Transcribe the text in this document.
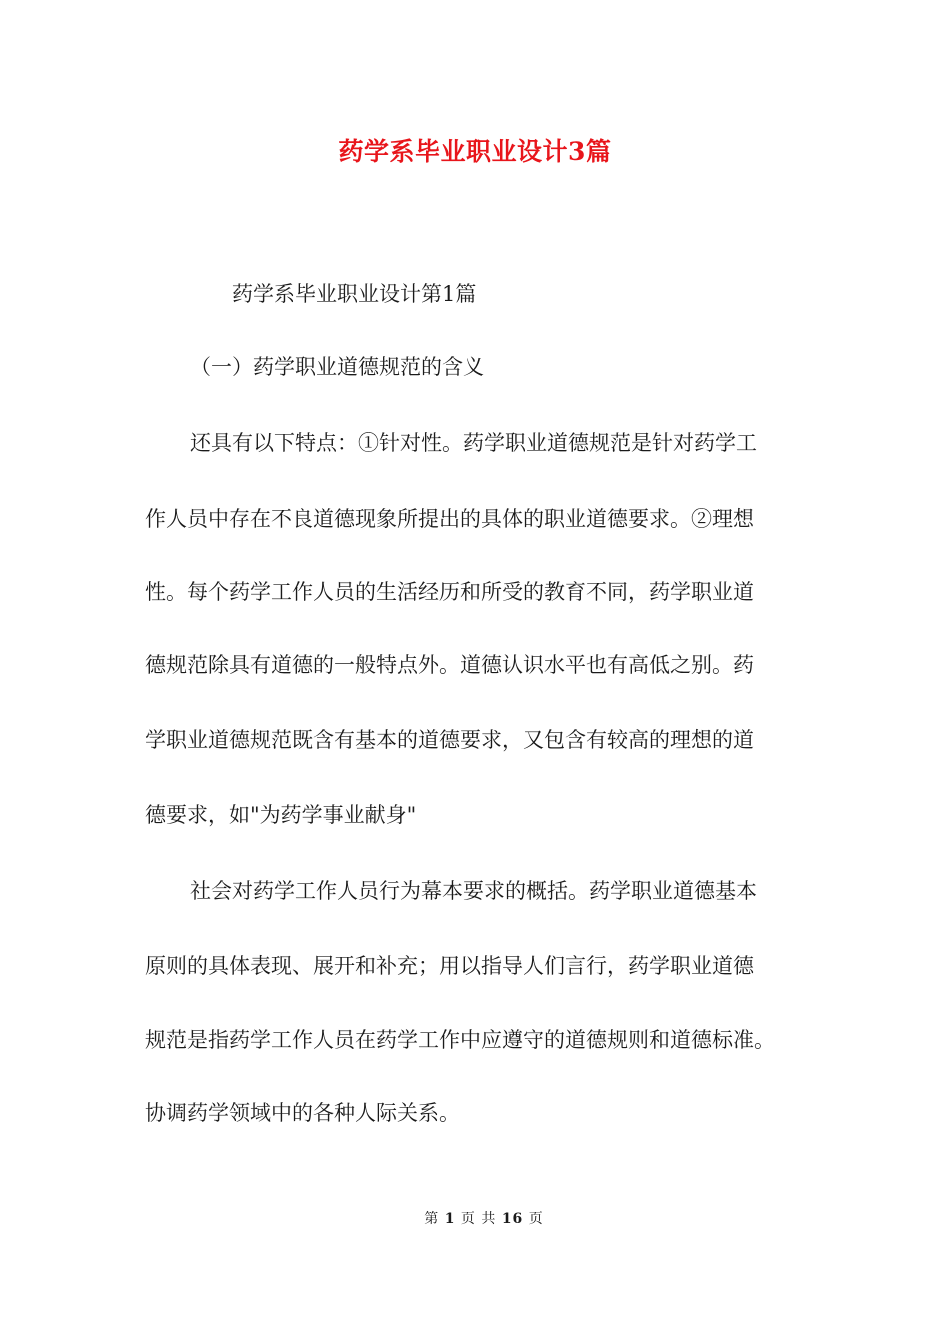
药学系毕业职业设计3篇

药学系毕业职业设计第1篇

（一）药学职业道德规范的含义

还具有以下特点：①针对性。药学职业道德规范是针对药学工

作人员中存在不良道德现象所提出的具体的职业道德要求。②理想

性。每个药学工作人员的生活经历和所受的教育不同，药学职业道

德规范除具有道德的一般特点外。道德认识水平也有高低之别。药

学职业道德规范既含有基本的道德要求，又包含有较高的理想的道

德要求，如"为药学事业献身"

社会对药学工作人员行为幕本要求的概括。药学职业道德基本

原则的具体表现、展开和补充；用以指导人们言行，药学职业道德

规范是指药学工作人员在药学工作中应遵守的道德规则和道德标准。

协调药学领域中的各种人际关系。

第 1 页 共 16 页
